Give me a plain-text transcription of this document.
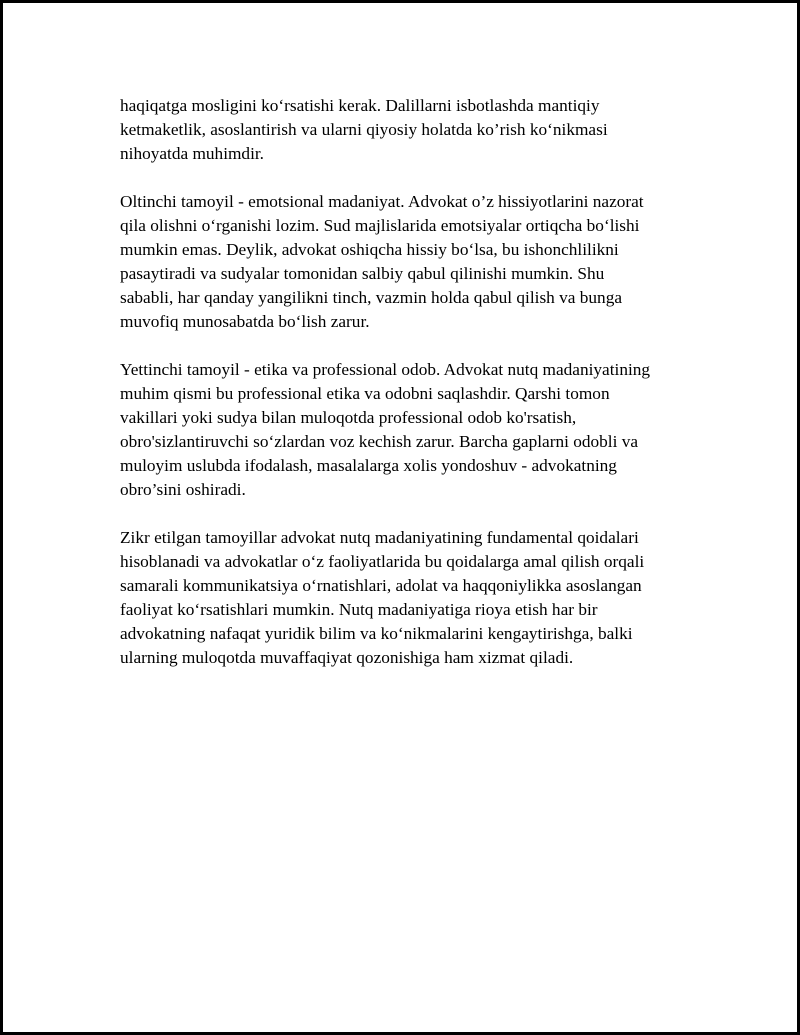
haqiqatga mosligini ko‘rsatishi kerak. Dalillarni isbotlashda mantiqiy
ketmaketlik, asoslantirish va ularni qiyosiy holatda ko’rish ko‘nikmasi
nihoyatda muhimdir.

Oltinchi tamoyil - emotsional madaniyat. Advokat o’z hissiyotlarini nazorat
qila olishni o‘rganishi lozim. Sud majlislarida emotsiyalar ortiqcha bo‘lishi
mumkin emas. Deylik, advokat oshiqcha hissiy bo‘lsa, bu ishonchlilikni
pasaytiradi va sudyalar tomonidan salbiy qabul qilinishi mumkin. Shu
sababli, har qanday yangilikni tinch, vazmin holda qabul qilish va bunga
muvofiq munosabatda bo‘lish zarur.

Yettinchi tamoyil - etika va professional odob. Advokat nutq madaniyatining
muhim qismi bu professional etika va odobni saqlashdir. Qarshi tomon
vakillari yoki sudya bilan muloqotda professional odob ko'rsatish,
obro'sizlantiruvchi so‘zlardan voz kechish zarur. Barcha gaplarni odobli va
muloyim uslubda ifodalash, masalalarga xolis yondoshuv - advokatning
obro’sini oshiradi.

Zikr etilgan tamoyillar advokat nutq madaniyatining fundamental qoidalari
hisoblanadi va advokatlar o‘z faoliyatlarida bu qoidalarga amal qilish orqali
samarali kommunikatsiya o‘rnatishlari, adolat va haqqoniylikka asoslangan
faoliyat ko‘rsatishlari mumkin. Nutq madaniyatiga rioya etish har bir
advokatning nafaqat yuridik bilim va ko‘nikmalarini kengaytirishga, balki
ularning muloqotda muvaffaqiyat qozonishiga ham xizmat qiladi.
